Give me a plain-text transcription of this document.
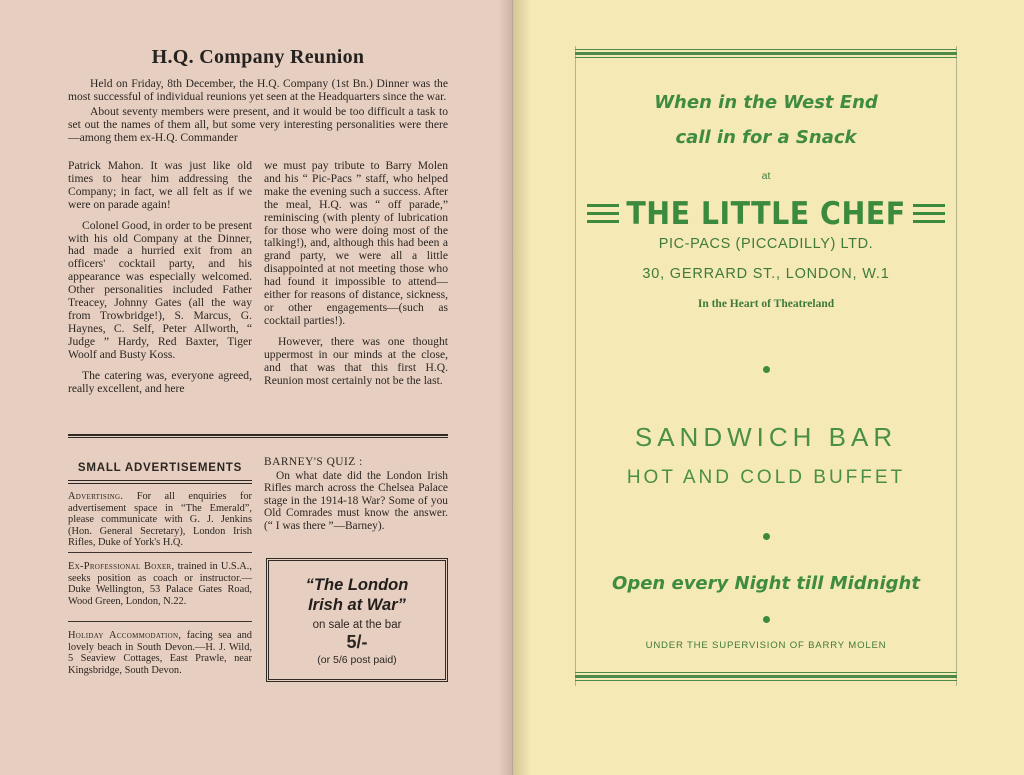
H.Q. Company Reunion

Held on Friday, 8th December, the H.Q. Company (1st Bn.) Dinner was the most successful of individual reunions yet seen at the Headquarters since the war.

About seventy members were present, and it would be too difficult a task to set out the names of them all, but some very interesting personalities were there—among them ex-H.Q. Commander

Patrick Mahon. It was just like old times to hear him addressing the Company; in fact, we all felt as if we were on parade again!

Colonel Good, in order to be present with his old Company at the Dinner, had made a hurried exit from an officers' cocktail party, and his appearance was especially welcomed. Other personalities included Father Treacey, Johnny Gates (all the way from Trowbridge!), S. Marcus, G. Haynes, C. Self, Peter Allworth, “ Judge ” Hardy, Red Baxter, Tiger Woolf and Busty Koss.

The catering was, everyone agreed, really excellent, and here

we must pay tribute to Barry Molen and his “ Pic-Pacs ” staff, who helped make the evening such a success. After the meal, H.Q. was “ off parade,” reminiscing (with plenty of lubrication for those who were doing most of the talking!), and, although this had been a grand party, we were all a little disappointed at not meeting those who had found it impossible to attend—either for reasons of distance, sickness, or other engagements—(such as cocktail parties!).

However, there was one thought uppermost in our minds at the close, and that was that this first H.Q. Reunion most certainly not be the last.

SMALL ADVERTISEMENTS
Advertising. For all enquiries for advertisement space in “The Emerald”, please communicate with G. J. Jenkins (Hon. General Secretary), London Irish Rifles, Duke of York's H.Q.
Ex-Professional Boxer, trained in U.S.A., seeks position as coach or instructor.—Duke Wellington, 53 Palace Gates Road, Wood Green, London, N.22.
Holiday Accommodation, facing sea and lovely beach in South Devon.—H. J. Wild, 5 Seaview Cottages, East Prawle, near Kingsbridge, South Devon.
BARNEY'S QUIZ :
On what date did the London Irish Rifles march across the Chelsea Palace stage in the 1914-18 War? Some of you Old Comrades must know the answer. (“ I was there ”—Barney).
“The London
Irish at War”
on sale at the bar
5/-
(or 5/6 post paid)
When in the West End
call in for a Snack
at
THE LITTLE CHEF
PIC-PACS (PICCADILLY) LTD.
30, GERRARD ST., LONDON, W.1
In the Heart of Theatreland
SANDWICH BAR
HOT AND COLD BUFFET
Open every Night till Midnight
UNDER THE SUPERVISION OF BARRY MOLEN
